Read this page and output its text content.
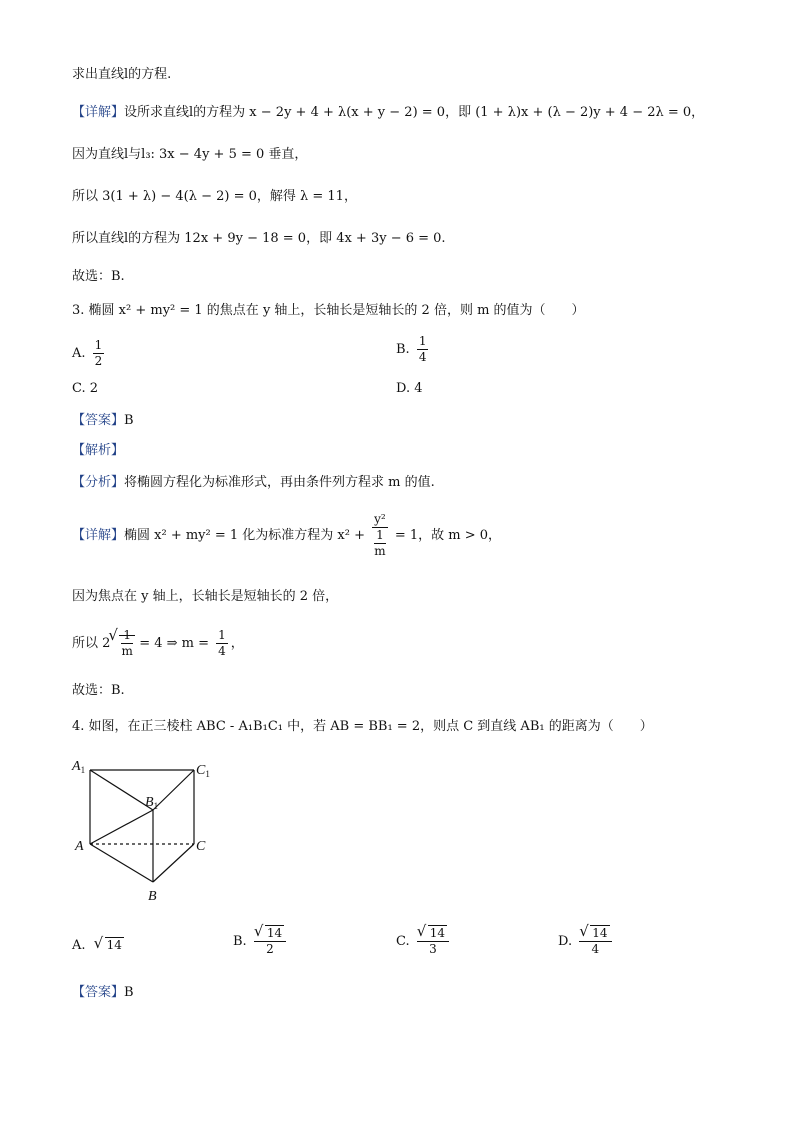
求出直线l的方程.
【详解】设所求直线l的方程为 x − 2y + 4 + λ(x + y − 2) = 0，即 (1 + λ)x + (λ − 2)y + 4 − 2λ = 0，
因为直线l与l₃: 3x − 4y + 5 = 0 垂直，
所以 3(1 + λ) − 4(λ − 2) = 0，解得 λ = 11，
所以直线l的方程为 12x + 9y − 18 = 0，即 4x + 3y − 6 = 0.
故选：B.
3. 椭圆 x² + my² = 1 的焦点在 y 轴上，长轴长是短轴长的 2 倍，则 m 的值为（　　）
A. $\frac{1}{2}$	B. $\frac{1}{4}$
C. 2	D. 4
【答案】B
【解析】
【分析】将椭圆方程化为标准形式，再由条件列方程求 m 的值.
【详解】椭圆 x² + my² = 1 化为标准方程为 $x^2 + \frac{\text{y²}}{\frac{1}{m}} = 1$，故 m > 0，
因为焦点在 y 轴上，长轴长是短轴长的 2 倍，
所以 2 √ $\frac{1}{m} = 4$ ⇒ $m = \frac{1}{4}$ ，
故选：B.
4. 如图，在正三棱柱 ABC - A₁B₁C₁ 中，若 AB = BB₁ = 2，则点 C 到直线 AB₁ 的距离为（　　）
$A_1$	$C_1$
$B_1$
A	C
B
A. √ 14	B. √ $\frac{14}{2}$	C. √ $\frac{14}{3}$	D. √ $\frac{14}{4}$
【答案】B
